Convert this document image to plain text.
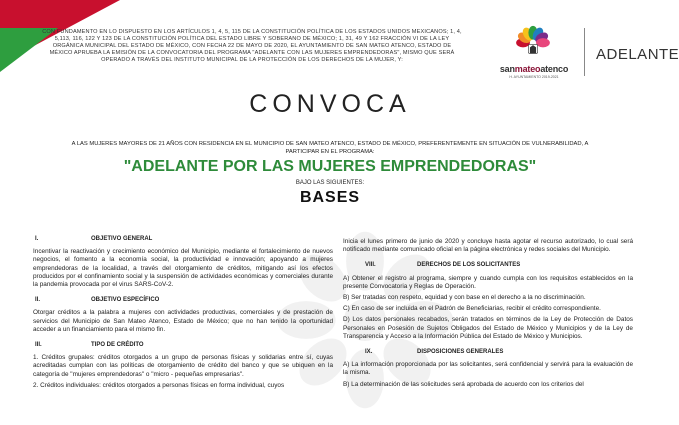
CON FUNDAMENTO EN LO DISPUESTO EN LOS ARTÍCULOS 1, 4, 5, 115 DE LA CONSTITUCIÓN POLÍTICA DE LOS ESTADOS UNIDOS MEXICANOS; 1, 4, 5,113, 116, 122 Y 123 DE LA CONSTITUCIÓN POLÍTICA DEL ESTADO LIBRE Y SOBERANO DE MÉXICO; 1, 31, 49 Y 162 FRACCIÓN VI DE LA LEY ORGÁNICA MUNICIPAL DEL ESTADO DE MÉXICO, CON FECHA 22 DE MAYO DE 2020, EL AYUNTAMIENTO DE SAN MATEO ATENCO, ESTADO DE MÉXICO APRUEBA LA EMISIÓN DE LA CONVOCATORIA DEL PROGRAMA "ADELANTE CON LAS MUJERES EMPRENDEDORAS", MISMO QUE SERÁ OPERADO A TRAVÉS DEL INSTITUTO MUNICIPAL DE LA PROTECCIÓN DE LOS DERECHOS DE LA MUJER, Y:
sanmateoatenco
H. AYUNTAMIENTO 2019-2021
ADELANTE
CONVOCA
A LAS MUJERES MAYORES DE 21 AÑOS CON RESIDENCIA EN EL MUNICIPIO DE SAN MATEO ATENCO, ESTADO DE MÉXICO, PREFERENTEMENTE EN SITUACIÓN DE VULNERABILIDAD, A PARTICIPAR EN EL PROGRAMA:
"ADELANTE POR LAS MUJERES EMPRENDEDORAS"
BAJO LAS SIGUIENTES:
BASES
I.	OBJETIVO GENERAL

Incentivar la reactivación y crecimiento económico del Municipio, mediante el fortalecimiento de nuevos negocios, el fomento a la economía social, la productividad e innovación; apoyando a mujeres emprendedoras de la localidad, a través del otorgamiento de créditos, mitigando así los efectos producidos por el confinamiento social y la suspensión de actividades económicas y comerciales durante la pandemia provocada por el virus SARS-CoV-2.

II.	OBJETIVO ESPECÍFICO

Otorgar créditos a la palabra a mujeres con actividades productivas, comerciales y de prestación de servicios del Municipio de San Mateo Atenco, Estado de México; que no han tenido la oportunidad acceder a un financiamiento para el mismo fin.

III.	TIPO DE CRÉDITO

1. Créditos grupales: créditos otorgados a un grupo de personas físicas y solidarias entre sí, cuyas acreditadas cumplan con las políticas de otorgamiento de crédito del banco y que se ubiquen en la categoría de "mujeres emprendedoras" o "micro - pequeñas empresarias".

2. Créditos individuales: créditos otorgados a personas físicas en forma individual, cuyos

Inicia el lunes primero de junio de 2020 y concluye hasta agotar el recurso autorizado, lo cual será notificado mediante comunicado oficial en la página electrónica y redes sociales del Municipio.

VIII.	DERECHOS DE LOS SOLICITANTES

A) Obtener el registro al programa, siempre y cuando cumpla con los requisitos establecidos en la presente Convocatoria y Reglas de Operación.

B) Ser tratadas con respeto, equidad y con base en el derecho a la no discriminación.

C) En caso de ser incluida en el Padrón de Beneficiarias, recibir el crédito correspondiente.

D) Los datos personales recabados, serán tratados en términos de la Ley de Protección de Datos Personales en Posesión de Sujetos Obligados del Estado de México y Municipios y de la Ley de Transparencia y Acceso a la Información Pública del Estado de México y Municipios.

IX.	DISPOSICIONES GENERALES

A) La información proporcionada por las solicitantes, será confidencial y servirá para la evaluación de la misma.

B) La determinación de las solicitudes será aprobada de acuerdo con los criterios del
